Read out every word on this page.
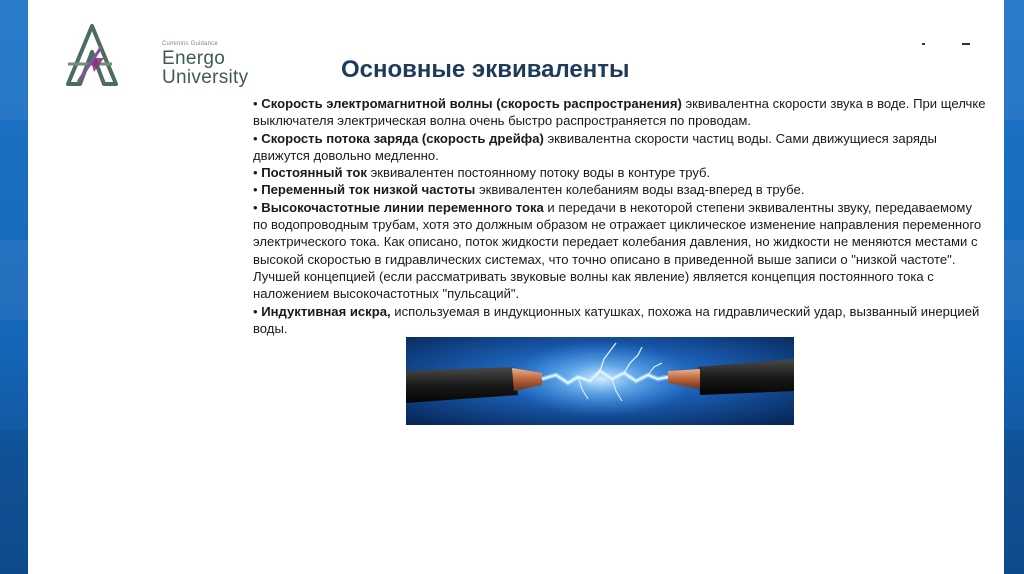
Cummins Guidance
Energo
University	Основные эквиваленты

• Скорость электромагнитной волны (скорость распространения) эквивалентна скорости звука в воде. При щелчке выключателя электрическая волна очень быстро распространяется по проводам.

• Скорость потока заряда (скорость дрейфа) эквивалентна скорости частиц воды. Сами движущиеся заряды движутся довольно медленно.

• Постоянный ток эквивалентен постоянному потоку воды в контуре труб.

• Переменный ток низкой частоты эквивалентен колебаниям воды взад-вперед в трубе.

• Высокочастотные линии переменного тока и передачи в некоторой степени эквивалентны звуку, передаваемому по водопроводным трубам, хотя это должным образом не отражает циклическое изменение направления переменного электрического тока. Как описано, поток жидкости передает колебания давления, но жидкости не меняются местами с высокой скоростью в гидравлических системах, что точно описано в приведенной выше записи о "низкой частоте". Лучшей концепцией (если рассматривать звуковые волны как явление) является концепция постоянного тока с наложением высокочастотных "пульсаций".

• Индуктивная искра, используемая в индукционных катушках, похожа на гидравлический удар, вызванный инерцией воды.
